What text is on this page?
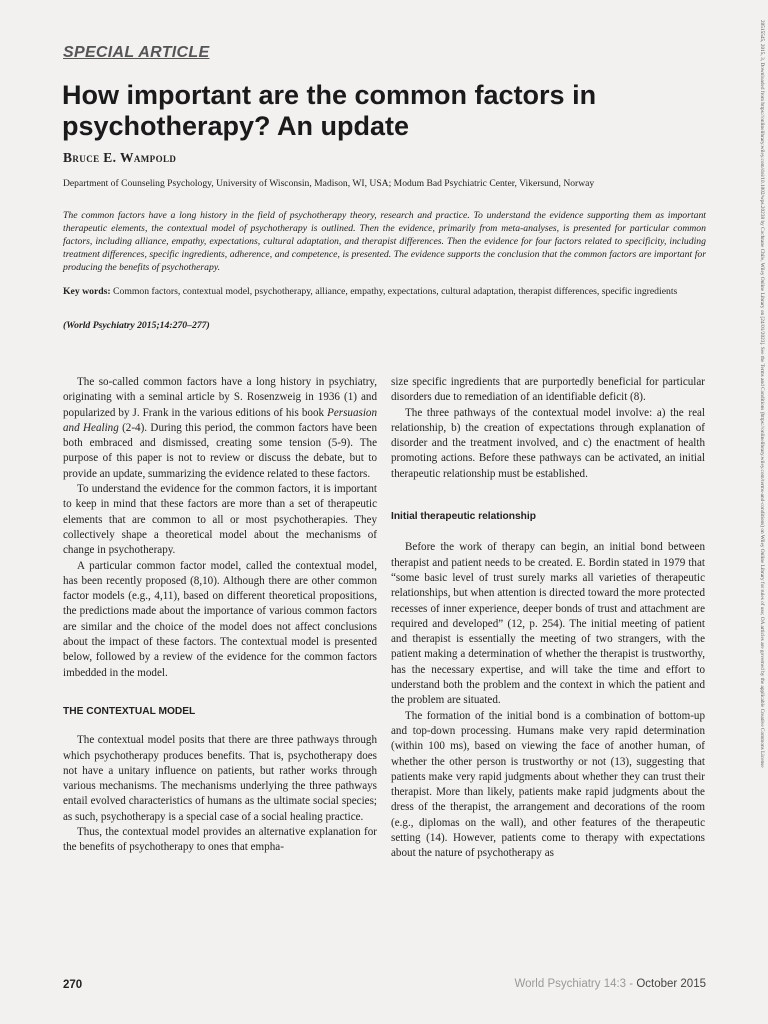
SPECIAL ARTICLE
How important are the common factors in psychotherapy? An update
Bruce E. Wampold
Department of Counseling Psychology, University of Wisconsin, Madison, WI, USA; Modum Bad Psychiatric Center, Vikersund, Norway

The common factors have a long history in the field of psychotherapy theory, research and practice. To understand the evidence supporting them as important therapeutic elements, the contextual model of psychotherapy is outlined. Then the evidence, primarily from meta-analyses, is presented for particular common factors, including alliance, empathy, expectations, cultural adaptation, and therapist differences. Then the evidence for four factors related to specificity, including treatment differences, specific ingredients, adherence, and competence, is presented. The evidence supports the conclusion that the common factors are important for producing the benefits of psychotherapy.

Key words: Common factors, contextual model, psychotherapy, alliance, empathy, expectations, cultural adaptation, therapist differences, specific ingredients

(World Psychiatry 2015;14:270–277)

The so-called common factors have a long history in psychiatry, originating with a seminal article by S. Rosenzweig in 1936 (1) and popularized by J. Frank in the various editions of his book Persuasion and Healing (2-4). During this period, the common factors have been both embraced and dismissed, creating some tension (5-9). The purpose of this paper is not to review or discuss the debate, but to provide an update, summarizing the evidence related to these factors.

To understand the evidence for the common factors, it is important to keep in mind that these factors are more than a set of therapeutic elements that are common to all or most psychotherapies. They collectively shape a theoretical model about the mechanisms of change in psychotherapy.

A particular common factor model, called the contextual model, has been recently proposed (8,10). Although there are other common factor models (e.g., 4,11), based on different theoretical propositions, the predictions made about the importance of various common factors are similar and the choice of the model does not affect conclusions about the impact of these factors. The contextual model is presented below, followed by a review of the evidence for the common factors imbedded in the model.

THE CONTEXTUAL MODEL

The contextual model posits that there are three pathways through which psychotherapy produces benefits. That is, psychotherapy does not have a unitary influence on patients, but rather works through various mechanisms. The mechanisms underlying the three pathways entail evolved characteristics of humans as the ultimate social species; as such, psychotherapy is a special case of a social healing practice.

Thus, the contextual model provides an alternative explanation for the benefits of psychotherapy to ones that empha-

size specific ingredients that are purportedly beneficial for particular disorders due to remediation of an identifiable deficit (8).

The three pathways of the contextual model involve: a) the real relationship, b) the creation of expectations through explanation of disorder and the treatment involved, and c) the enactment of health promoting actions. Before these pathways can be activated, an initial therapeutic relationship must be established.

Initial therapeutic relationship

Before the work of therapy can begin, an initial bond between therapist and patient needs to be created. E. Bordin stated in 1979 that “some basic level of trust surely marks all varieties of therapeutic relationships, but when attention is directed toward the more protected recesses of inner experience, deeper bonds of trust and attachment are required and developed” (12, p. 254). The initial meeting of patient and therapist is essentially the meeting of two strangers, with the patient making a determination of whether the therapist is trustworthy, has the necessary expertise, and will take the time and effort to understand both the problem and the context in which the patient and the problem are situated.

The formation of the initial bond is a combination of bottom-up and top-down processing. Humans make very rapid determination (within 100 ms), based on viewing the face of another human, of whether the other person is trustworthy or not (13), suggesting that patients make very rapid judgments about whether they can trust their therapist. More than likely, patients make rapid judgments about the dress of the therapist, the arrangement and decorations of the room (e.g., diplomas on the wall), and other features of the therapeutic setting (14). However, patients come to therapy with expectations about the nature of psychotherapy as

270	World Psychiatry 14:3 - October 2015
20515545, 2015, 3, Downloaded from https://onlinelibrary.wiley.com/doi/10.1002/wps.20238 by Cochrane Chile, Wiley Online Library on [24/01/2023]. See the Terms and Conditions (https://onlinelibrary.wiley.com/terms-and-conditions) on Wiley Online Library for rules of use; OA articles are governed by the applicable Creative Commons License
